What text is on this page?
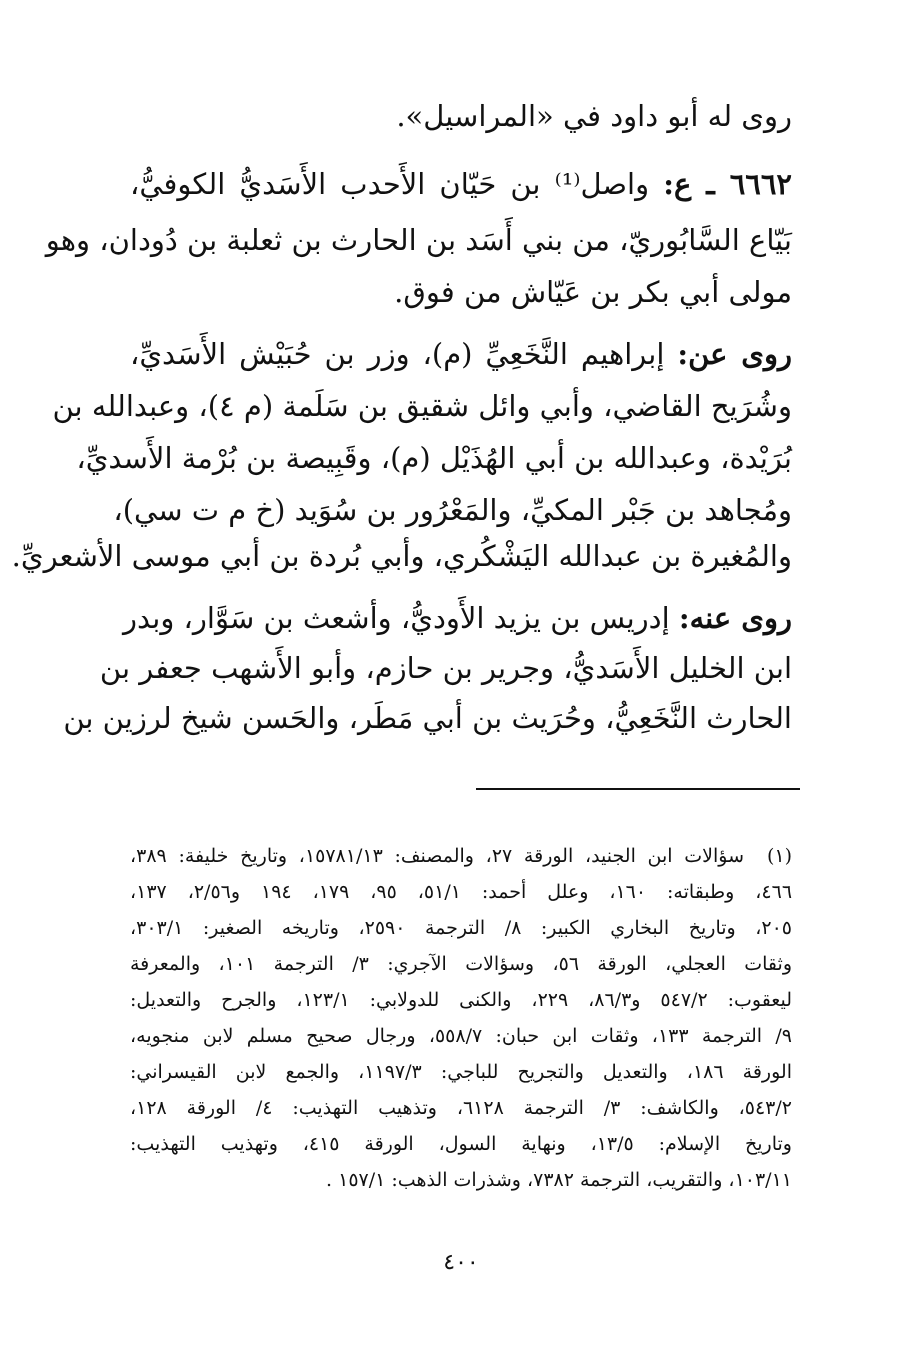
روى له أبو داود في «المراسيل».
٦٦٦٢ ـ ع: واصل⁽¹⁾ بن حَيّان الأَحدب الأَسَديُّ الكوفيُّ،
بَيّاع السَّابُوريّ، من بني أَسَد بن الحارث بن ثعلبة بن دُودان، وهو
مولى أبي بكر بن عَيّاش من فوق.
روى عن: إبراهيم النَّخَعِيِّ (م)، وزر بن حُبَيْش الأَسَديِّ،
وشُرَيح القاضي، وأبي وائل شقيق بن سَلَمة (م ٤)، وعبدالله بن
بُرَيْدة، وعبدالله بن أبي الهُذَيْل (م)، وقَبِيصة بن بُرْمة الأَسديِّ،
ومُجاهد بن جَبْر المكيِّ، والمَعْرُور بن سُوَيد (خ م ت سي)،
والمُغيرة بن عبدالله اليَشْكُري، وأبي بُردة بن أبي موسى الأشعريِّ.
روى عنه: إدريس بن يزيد الأَوديُّ، وأشعث بن سَوَّار، وبدر
ابن الخليل الأَسَديُّ، وجرير بن حازم، وأبو الأَشهب جعفر بن
الحارث النَّخَعِيُّ، وحُرَيث بن أبي مَطَر، والحَسن شيخ لرزين بن
(١)
سؤالات ابن الجنيد، الورقة ٢٧، والمصنف: ١٥٧٨١/١٣، وتاريخ خليفة: ٣٨٩،
٤٦٦، وطبقاته: ١٦٠، وعلل أحمد: ٥١/١، ٩٥، ١٧٩، ١٩٤ و٢/٥٦، ١٣٧،
٢٠٥، وتاريخ البخاري الكبير: ٨/ الترجمة ٢٥٩٠، وتاريخه الصغير: ٣٠٣/١،
وثقات العجلي، الورقة ٥٦، وسؤالات الآجري: ٣/ الترجمة ١٠١، والمعرفة
ليعقوب: ٥٤٧/٢ و٨٦/٣، ٢٢٩، والكنى للدولابي: ١٢٣/١، والجرح والتعديل:
٩/ الترجمة ١٣٣، وثقات ابن حبان: ٥٥٨/٧، ورجال صحيح مسلم لابن منجويه،
الورقة ١٨٦، والتعديل والتجريح للباجي: ١١٩٧/٣، والجمع لابن القيسراني:
٥٤٣/٢، والكاشف: ٣/ الترجمة ٦١٢٨، وتذهيب التهذيب: ٤/ الورقة ١٢٨،
وتاريخ الإسلام: ١٣/٥، ونهاية السول، الورقة ٤١٥، وتهذيب التهذيب:
١٠٣/١١، والتقريب، الترجمة ٧٣٨٢، وشذرات الذهب: ١٥٧/١ .
٤٠٠
